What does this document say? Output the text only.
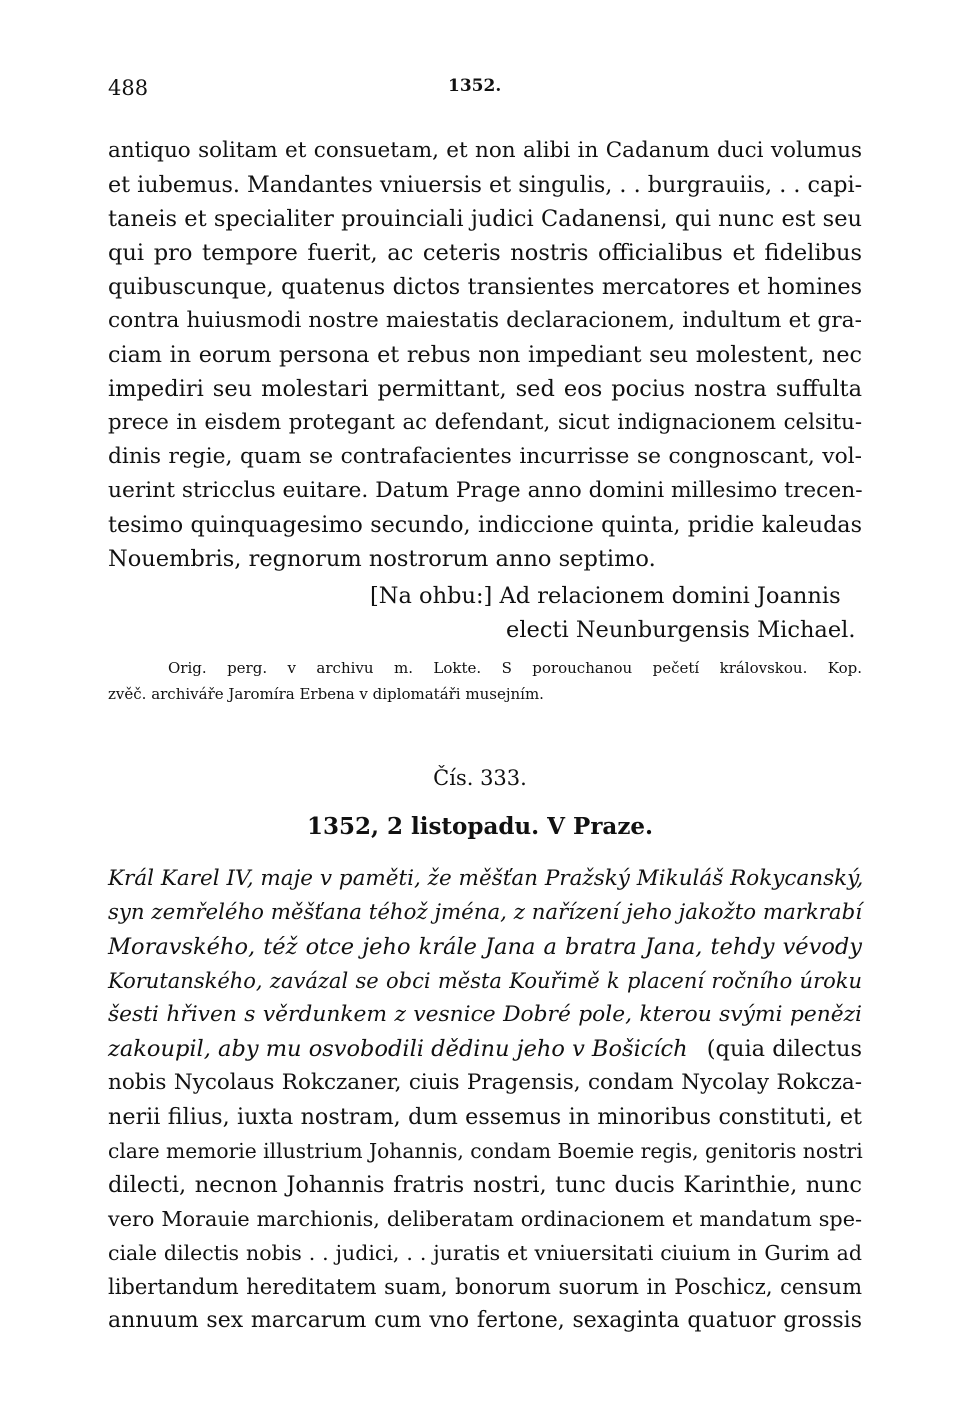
488	1352.
antiquo solitam et consuetam, et non alibi in Cadanum duci volumus
et iubemus. Mandantes vniuersis et singulis, . . burgrauiis, . . capi-
taneis et specialiter prouinciali judici Cadanensi, qui nunc est seu
qui pro tempore fuerit, ac ceteris nostris officialibus et fidelibus
quibuscunque, quatenus dictos transientes mercatores et homines
contra huiusmodi nostre maiestatis declaracionem, indultum et gra-
ciam in eorum persona et rebus non impediant seu molestent, nec
impediri seu molestari permittant, sed eos pocius nostra suffulta
prece in eisdem protegant ac defendant, sicut indignacionem celsitu-
dinis regie, quam se contrafacientes incurrisse se congnoscant, vol-
uerint stricclus euitare. Datum Prage anno domini millesimo trecen-
tesimo quinquagesimo secundo, indiccione quinta, pridie kaleudas
Nouembris, regnorum nostrorum anno septimo.
[Na ohbu:] Ad relacionem domini Joannis
electi Neunburgensis Michael.
Orig. perg. v archivu m. Lokte. S porouchanou pečetí královskou. Kop.
zvěč. archiváře Jaromíra Erbena v diplomatáři musejním.
Čís. 333.
1352, 2 listopadu. V Praze.
Král Karel IV, maje v paměti, že měšťan Pražský Mikuláš Rokycanský,
syn zemřelého měšťana téhož jména, z nařízení jeho jakožto markrabí
Moravského, též otce jeho krále Jana a bratra Jana, tehdy vévody
Korutanského, zavázal se obci města Kouřimě k placení ročního úroku
šesti hřiven s věrdunkem z vesnice Dobré pole, kterou svými penězi
zakoupil, aby mu osvobodili dědinu jeho v Bošicích (quia dilectus
nobis Nycolaus Rokczaner, ciuis Pragensis, condam Nycolay Rokcza-
nerii filius, iuxta nostram, dum essemus in minoribus constituti, et
clare memorie illustrium Johannis, condam Boemie regis, genitoris nostri
dilecti, necnon Johannis fratris nostri, tunc ducis Karinthie, nunc
vero Morauie marchionis, deliberatam ordinacionem et mandatum spe-
ciale dilectis nobis . . judici, . . juratis et vniuersitati ciuium in Gurim ad
libertandum hereditatem suam, bonorum suorum in Poschicz, censum
annuum sex marcarum cum vno fertone, sexaginta quatuor grossis
